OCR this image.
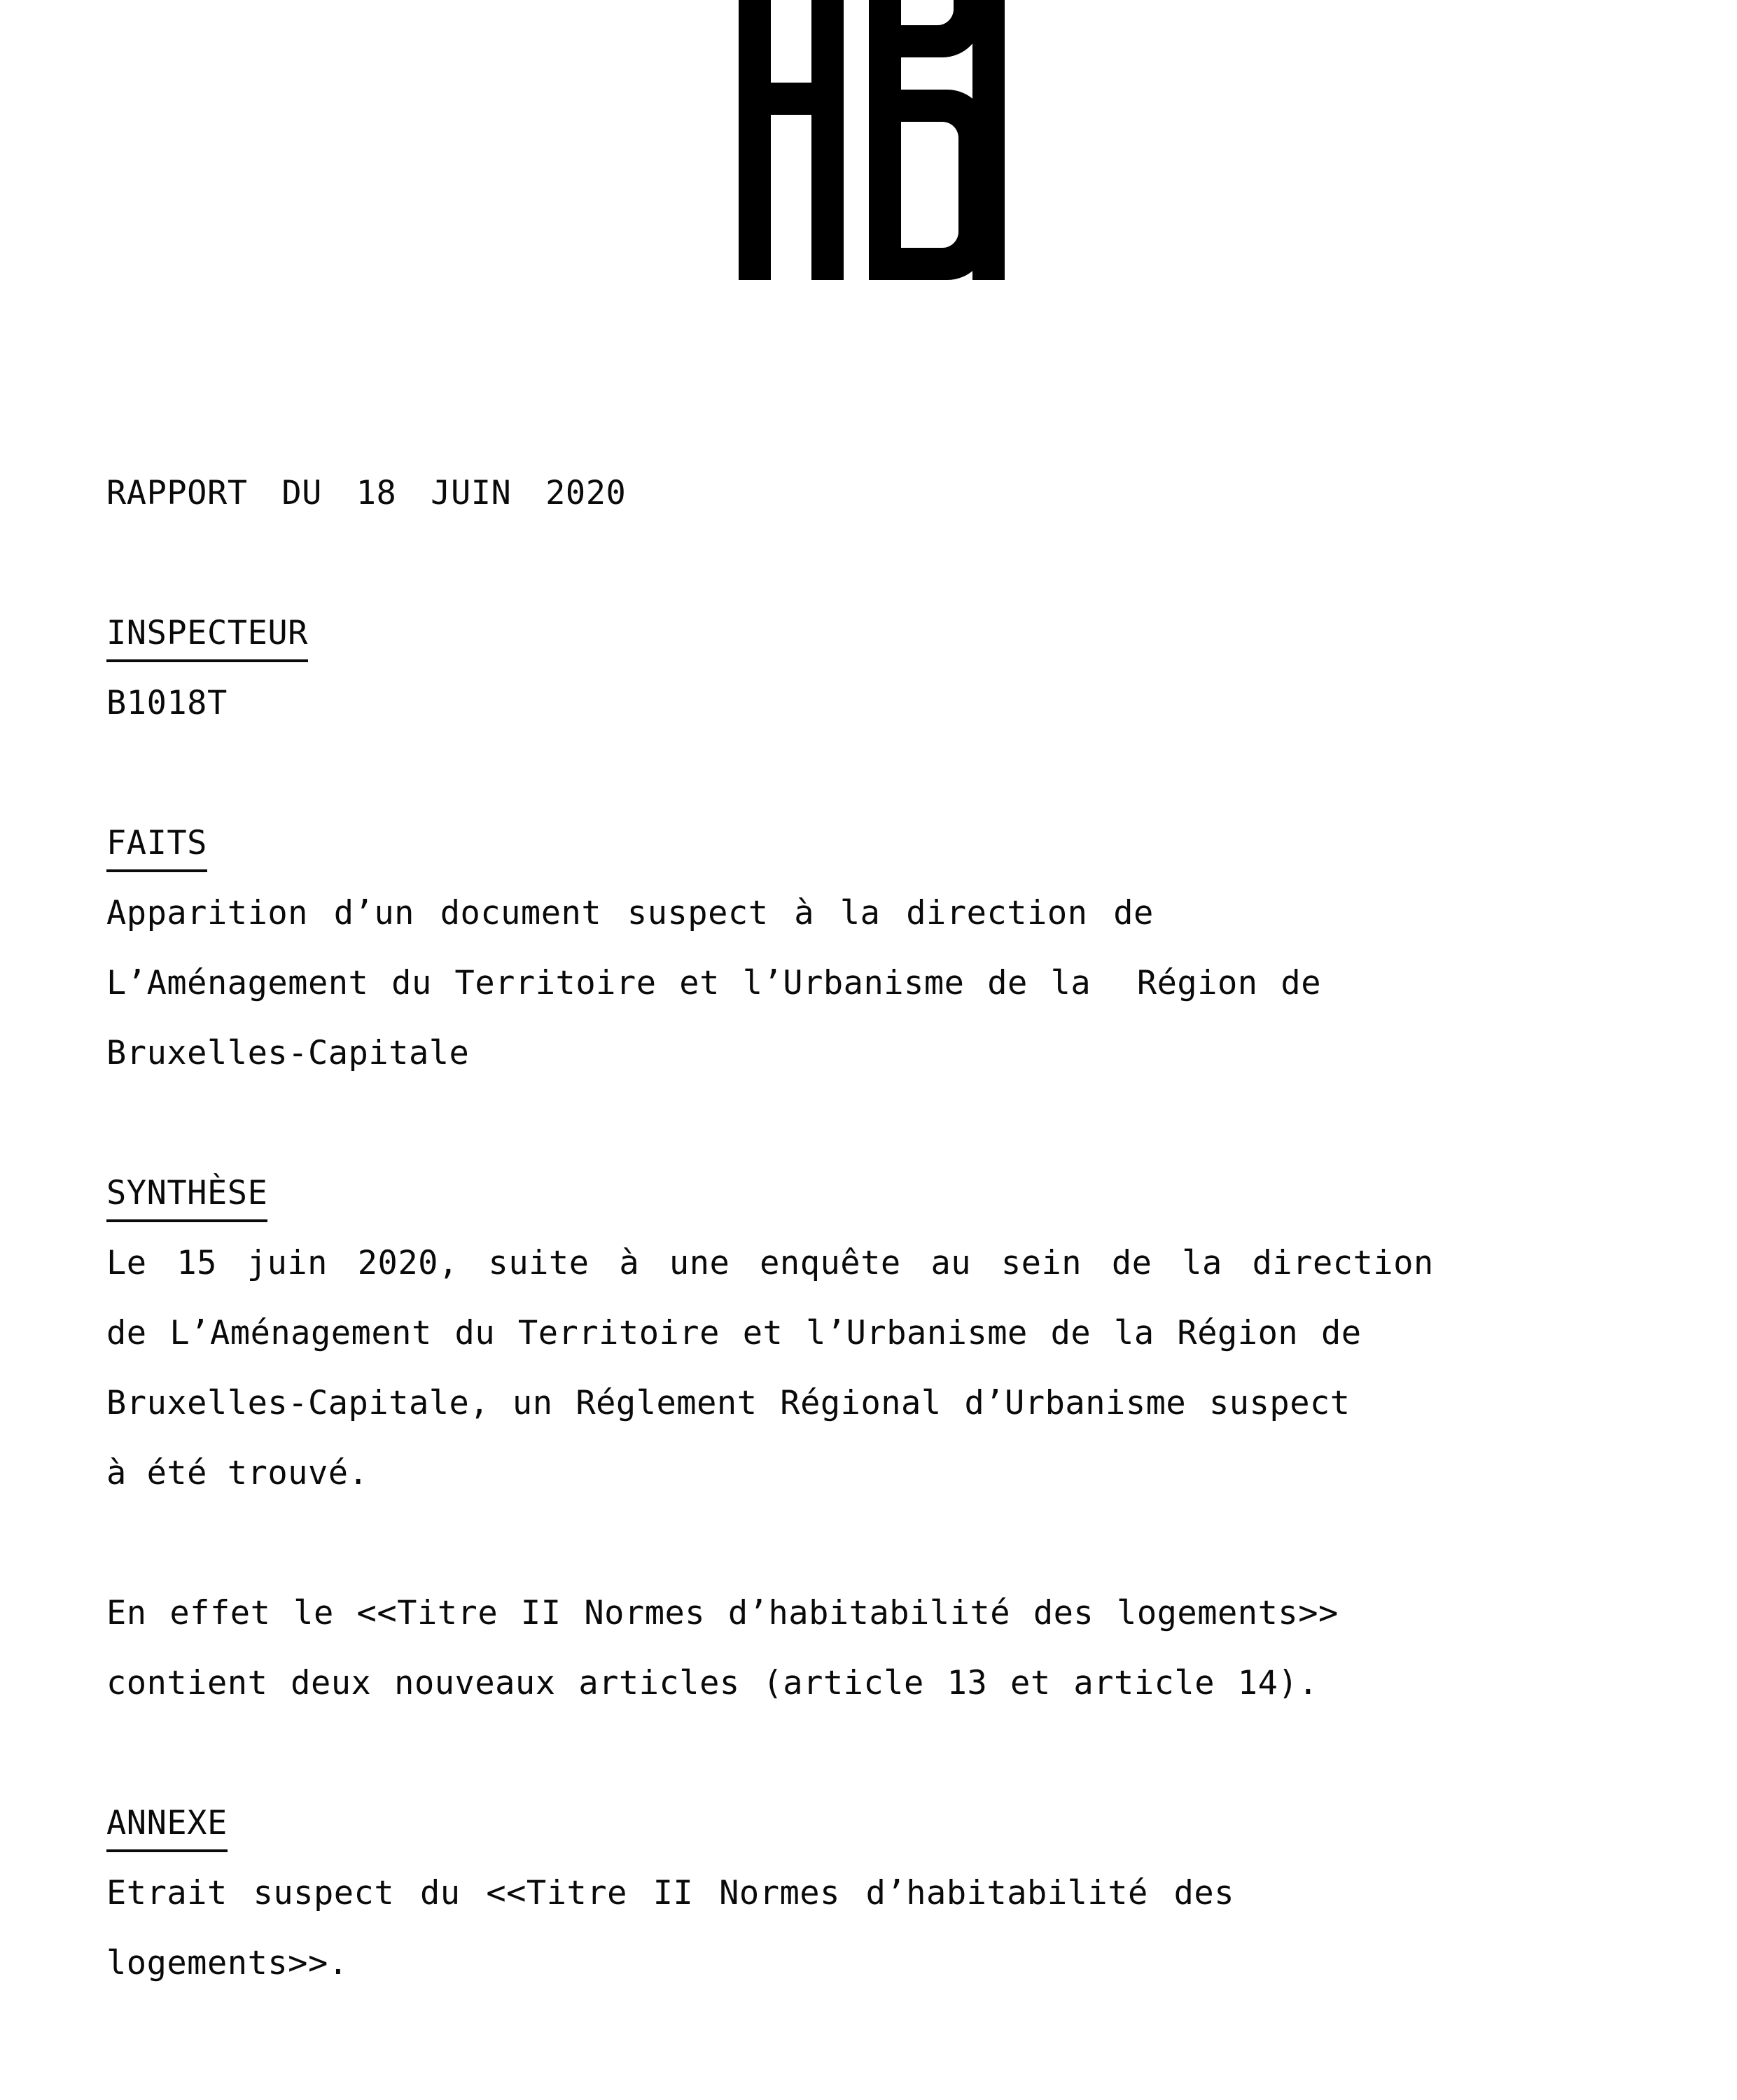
RAPPORT DU 18 JUIN 2020
INSPECTEUR
B1018T
FAITS
Apparition d’un document suspect à la direction de
L’Aménagement du Territoire et l’Urbanisme de la  Région de
Bruxelles-Capitale
SYNTHÈSE
Le 15 juin 2020, suite à une enquête au sein de la direction
de L’Aménagement du Territoire et l’Urbanisme de la Région de
Bruxelles-Capitale, un Réglement Régional d’Urbanisme suspect
à été trouvé.
En effet le <<Titre II Normes d’habitabilité des logements>>
contient deux nouveaux articles (article 13 et article 14).
ANNEXE
Etrait suspect du <<Titre II Normes d’habitabilité des
logements>>.
